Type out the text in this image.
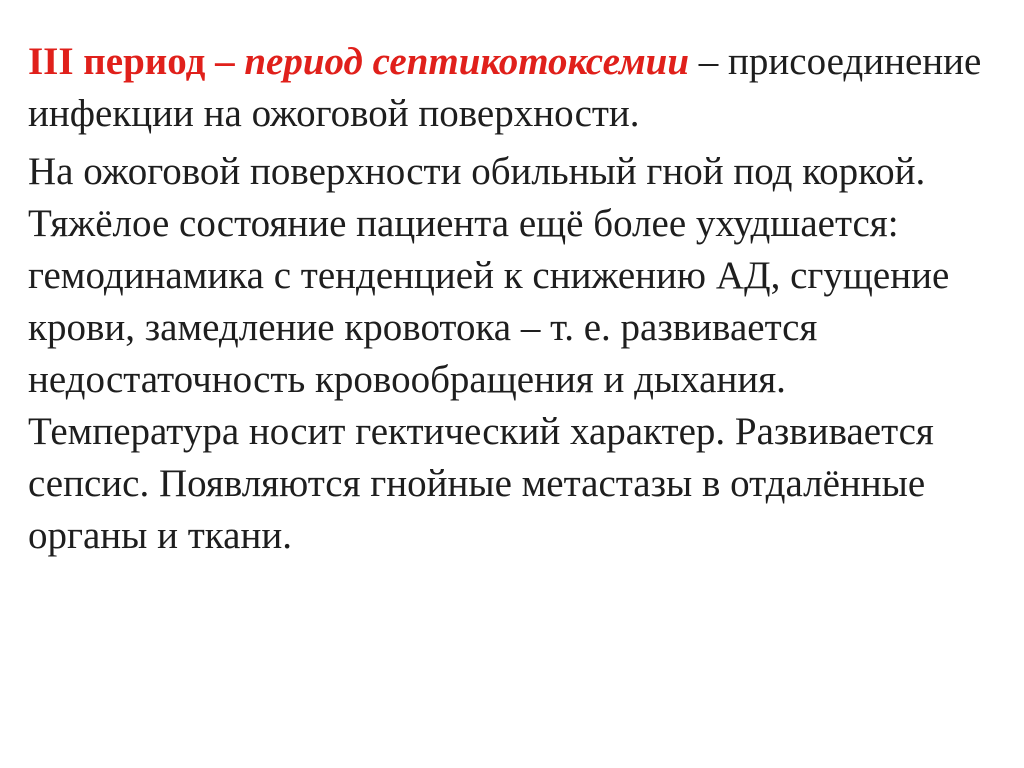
III период – период септикотоксемии – присоединение инфекции на ожоговой поверхности.

На ожоговой поверхности обильный гной под коркой. Тяжёлое состояние пациента ещё более ухудшается: гемодинамика с тенденцией к снижению АД, сгущение крови, замедление кровотока – т. е. развивается недостаточность кровообращения и дыхания. Температура носит гектический характер. Развивается сепсис. Появляются гнойные метастазы в отдалённые органы и ткани.
